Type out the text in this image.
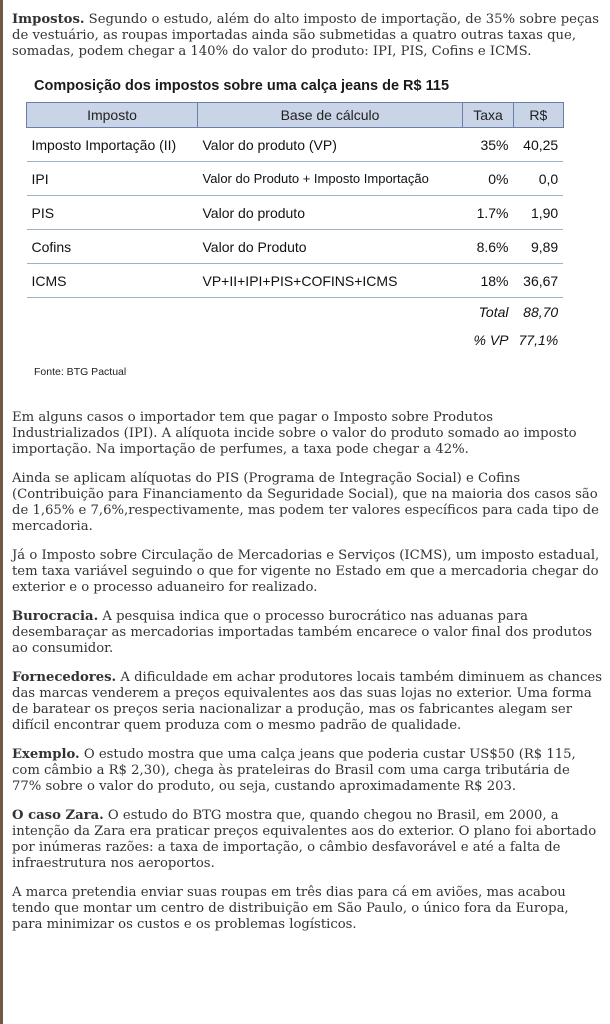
Impostos. Segundo o estudo, além do alto imposto de importação, de 35% sobre peças de vestuário, as roupas importadas ainda são submetidas a quatro outras taxas que, somadas, podem chegar a 140% do valor do produto: IPI, PIS, Cofins e ICMS.

Composição dos impostos sobre uma calça jeans de R$ 115
Imposto	Base de cálculo	Taxa	R$
Imposto Importação (II)	Valor do produto (VP)	35%	40,25
IPI	Valor do Produto + Imposto Importação	0%	0,0
PIS	Valor do produto	1.7%	1,90
Cofins	Valor do Produto	8.6%	9,89
ICMS	VP+II+IPI+PIS+COFINS+ICMS	18%	36,67
		Total	88,70
		% VP	77,1%
Fonte: BTG Pactual

Em alguns casos o importador tem que pagar o Imposto sobre Produtos Industrializados (IPI). A alíquota incide sobre o valor do produto somado ao imposto importação. Na importação de perfumes, a taxa pode chegar a 42%.

Ainda se aplicam alíquotas do PIS (Programa de Integração Social) e Cofins (Contribuição para Financiamento da Seguridade Social), que na maioria dos casos são de 1,65% e 7,6%,respectivamente, mas podem ter valores específicos para cada tipo de mercadoria.

Já o Imposto sobre Circulação de Mercadorias e Serviços (ICMS), um imposto estadual, tem taxa variável seguindo o que for vigente no Estado em que a mercadoria chegar do exterior e o processo aduaneiro for realizado.

Burocracia. A pesquisa indica que o processo burocrático nas aduanas para desembaraçar as mercadorias importadas também encarece o valor final dos produtos ao consumidor.

Fornecedores. A dificuldade em achar produtores locais também diminuem as chances das marcas venderem a preços equivalentes aos das suas lojas no exterior. Uma forma de baratear os preços seria nacionalizar a produção, mas os fabricantes alegam ser difícil encontrar quem produza com o mesmo padrão de qualidade.

Exemplo. O estudo mostra que uma calça jeans que poderia custar US$50 (R$ 115, com câmbio a R$ 2,30), chega às prateleiras do Brasil com uma carga tributária de 77% sobre o valor do produto, ou seja, custando aproximadamente R$ 203.

O caso Zara. O estudo do BTG mostra que, quando chegou no Brasil, em 2000, a intenção da Zara era praticar preços equivalentes aos do exterior. O plano foi abortado por inúmeras razões: a taxa de importação, o câmbio desfavorável e até a falta de infraestrutura nos aeroportos.

A marca pretendia enviar suas roupas em três dias para cá em aviões, mas acabou tendo que montar um centro de distribuição em São Paulo, o único fora da Europa, para minimizar os custos e os problemas logísticos.
